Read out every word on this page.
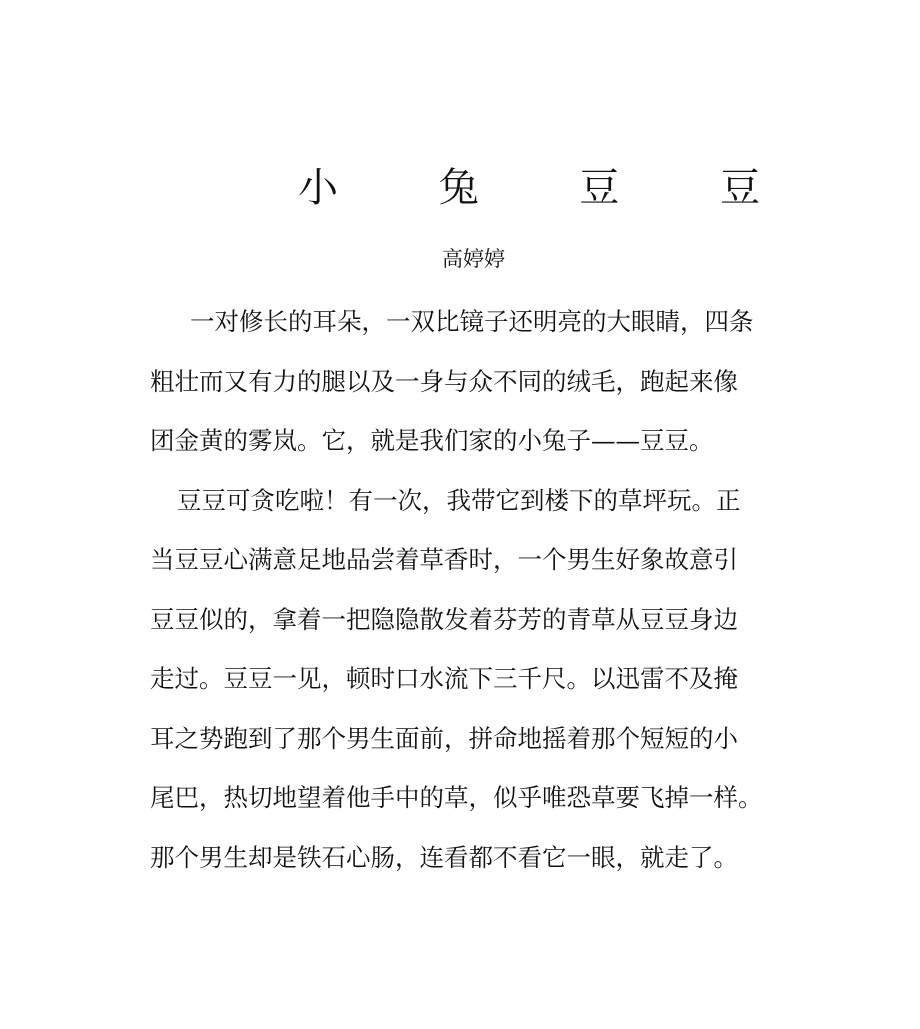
小 兔 豆 豆
高婷婷
一对修长的耳朵，一双比镜子还明亮的大眼睛，四条
粗壮而又有力的腿以及一身与众不同的绒毛，跑起来像
团金黄的雾岚。它，就是我们家的小兔子——豆豆。
豆豆可贪吃啦！有一次，我带它到楼下的草坪玩。正
当豆豆心满意足地品尝着草香时，一个男生好象故意引
豆豆似的，拿着一把隐隐散发着芬芳的青草从豆豆身边
走过。豆豆一见，顿时口水流下三千尺。以迅雷不及掩
耳之势跑到了那个男生面前，拼命地摇着那个短短的小
尾巴，热切地望着他手中的草，似乎唯恐草要飞掉一样。
那个男生却是铁石心肠，连看都不看它一眼，就走了。
